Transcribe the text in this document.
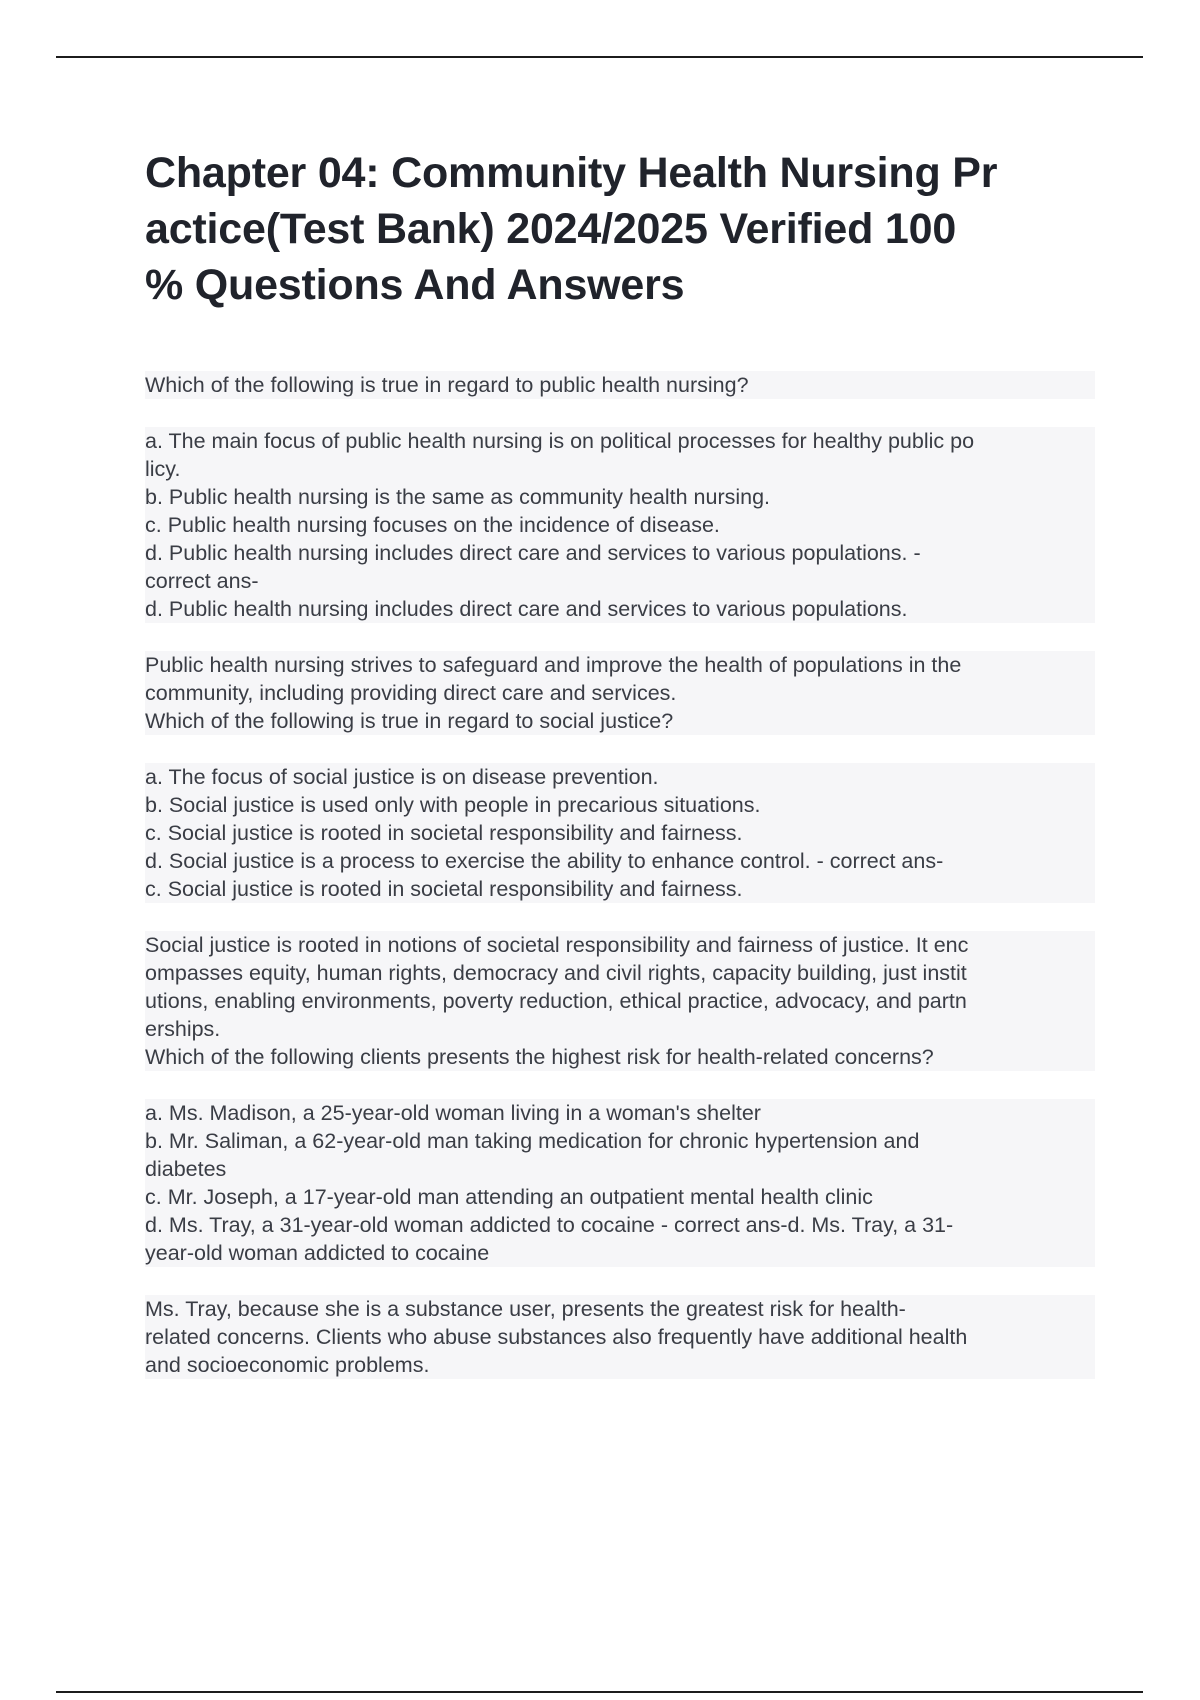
Chapter 04: Community Health Nursing Pr
actice(Test Bank) 2024/2025 Verified 100
% Questions And Answers
Which of the following is true in regard to public health nursing?
a. The main focus of public health nursing is on political processes for healthy public po
licy.
b. Public health nursing is the same as community health nursing.
c. Public health nursing focuses on the incidence of disease.
d. Public health nursing includes direct care and services to various populations. -
correct ans-
d. Public health nursing includes direct care and services to various populations.
Public health nursing strives to safeguard and improve the health of populations in the
community, including providing direct care and services.
Which of the following is true in regard to social justice?
a. The focus of social justice is on disease prevention.
b. Social justice is used only with people in precarious situations.
c. Social justice is rooted in societal responsibility and fairness.
d. Social justice is a process to exercise the ability to enhance control. - correct ans-
c. Social justice is rooted in societal responsibility and fairness.
Social justice is rooted in notions of societal responsibility and fairness of justice. It enc
ompasses equity, human rights, democracy and civil rights, capacity building, just instit
utions, enabling environments, poverty reduction, ethical practice, advocacy, and partn
erships.
Which of the following clients presents the highest risk for health-related concerns?
a. Ms. Madison, a 25-year-old woman living in a woman's shelter
b. Mr. Saliman, a 62-year-old man taking medication for chronic hypertension and
diabetes
c. Mr. Joseph, a 17-year-old man attending an outpatient mental health clinic
d. Ms. Tray, a 31-year-old woman addicted to cocaine - correct ans-d. Ms. Tray, a 31-
year-old woman addicted to cocaine
Ms. Tray, because she is a substance user, presents the greatest risk for health-
related concerns. Clients who abuse substances also frequently have additional health
and socioeconomic problems.
